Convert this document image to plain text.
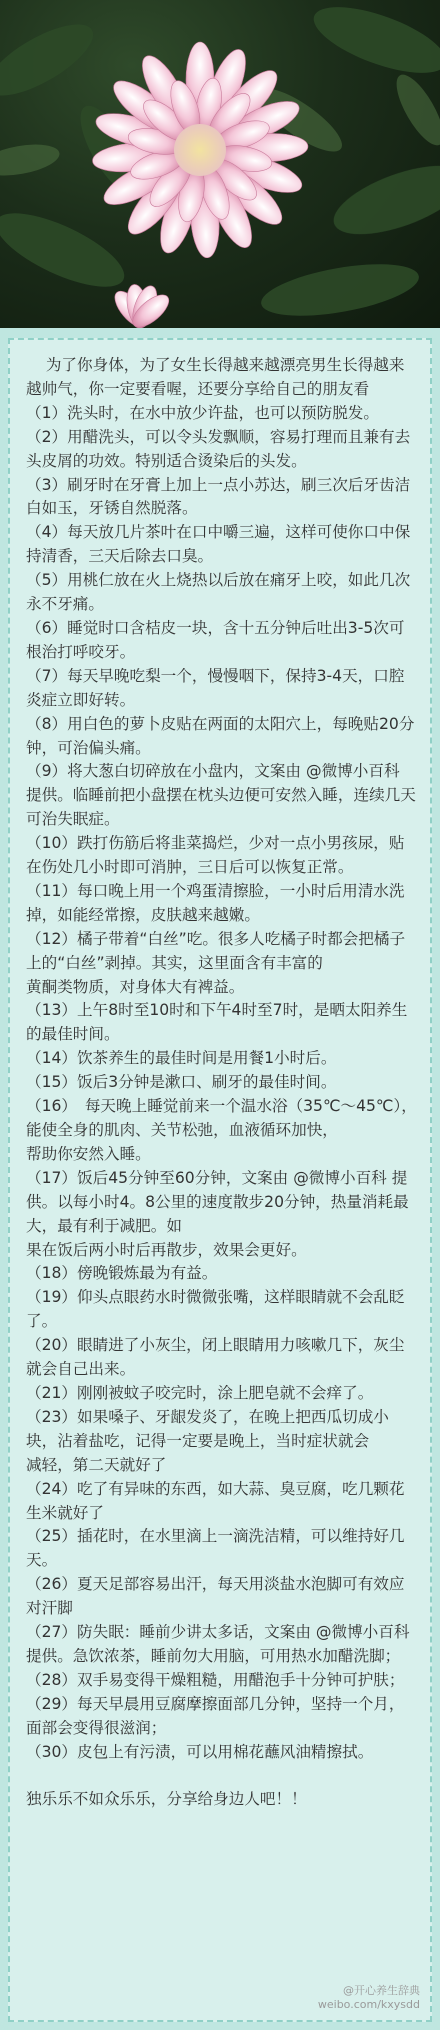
为了你身体，为了女生长得越来越漂亮男生长得越来越帅气，你一定要看喔，还要分享给自己的朋友看

（1）洗头时，在水中放少许盐，也可以预防脱发。

（2）用醋洗头，可以令头发飘顺，容易打理而且兼有去头皮屑的功效。特别适合烫染后的头发。

（3）刷牙时在牙膏上加上一点小苏达，刷三次后牙齿洁白如玉，牙锈自然脱落。

（4）每天放几片茶叶在口中嚼三遍，这样可使你口中保持清香，三天后除去口臭。

（5）用桃仁放在火上烧热以后放在痛牙上咬，如此几次永不牙痛。

（6）睡觉时口含桔皮一块，含十五分钟后吐出3-5次可根治打呼咬牙。

（7）每天早晚吃梨一个，慢慢咽下，保持3-4天，口腔炎症立即好转。

（8）用白色的萝卜皮贴在两面的太阳穴上，每晚贴20分钟，可治偏头痛。

（9）将大葱白切碎放在小盘内，文案由 @微博小百科 提供。临睡前把小盘摆在枕头边便可安然入睡，连续几天可治失眠症。

（10）跌打伤筋后将韭菜捣烂，少对一点小男孩尿，贴在伤处几小时即可消肿，三日后可以恢复正常。

（11）每口晚上用一个鸡蛋清擦脸，一小时后用清水洗掉，如能经常擦，皮肤越来越嫩。

（12）橘子带着“白丝”吃。很多人吃橘子时都会把橘子上的“白丝”剥掉。其实，这里面含有丰富的
黄酮类物质，对身体大有裨益。

（13）上午8时至10时和下午4时至7时，是晒太阳养生的最佳时间。

（14）饮茶养生的最佳时间是用餐1小时后。

（15）饭后3分钟是漱口、刷牙的最佳时间。

（16）　每天晚上睡觉前来一个温水浴（35℃～45℃），能使全身的肌肉、关节松弛，血液循环加快，
帮助你安然入睡。

（17）饭后45分钟至60分钟，文案由 @微博小百科 提供。以每小时4。8公里的速度散步20分钟，热量消耗最大，最有利于减肥。如
果在饭后两小时后再散步，效果会更好。

（18）傍晚锻炼最为有益。

（19）仰头点眼药水时微微张嘴，这样眼睛就不会乱眨了。

（20）眼睛进了小灰尘，闭上眼睛用力咳嗽几下，灰尘就会自己出来。

（21）刚刚被蚊子咬完时，涂上肥皂就不会痒了。

（23）如果嗓子、牙龈发炎了，在晚上把西瓜切成小块，沾着盐吃，记得一定要是晚上，当时症状就会
减轻，第二天就好了

（24）吃了有异味的东西，如大蒜、臭豆腐，吃几颗花生米就好了

（25）插花时，在水里滴上一滴洗洁精，可以维持好几天。

（26）夏天足部容易出汗，每天用淡盐水泡脚可有效应对汗脚

（27）防失眠：睡前少讲太多话，文案由 @微博小百科 提供。急饮浓茶，睡前勿大用脑，可用热水加醋洗脚；

（28）双手易变得干燥粗糙，用醋泡手十分钟可护肤；

（29）每天早晨用豆腐摩擦面部几分钟，坚持一个月，面部会变得很滋润；

（30）皮包上有污渍，可以用棉花蘸风油精擦拭。

独乐乐不如众乐乐，分享给身边人吧！！

@开心养生辞典
weibo.com/kxysdd
